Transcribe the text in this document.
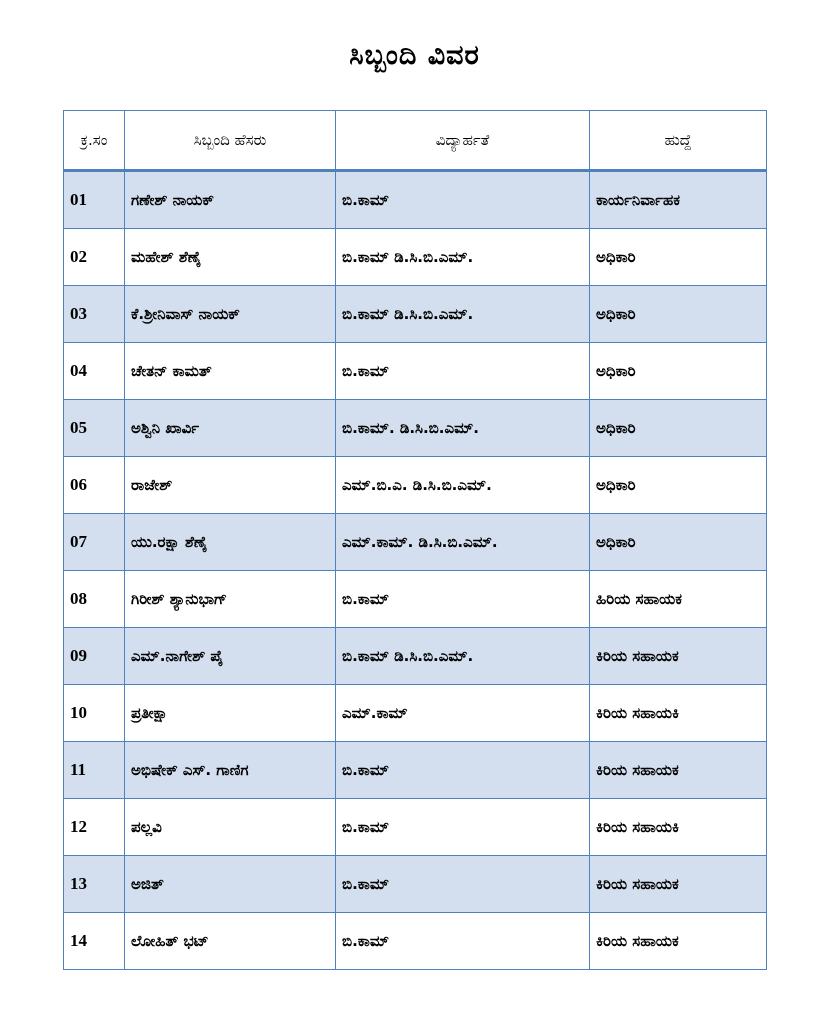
ಸಿಬ್ಬಂದಿ ವಿವರ
ಕ್ರ.ಸಂ	ಸಿಬ್ಬಂದಿ ಹೆಸರು	ವಿದ್ಯಾರ್ಹತೆ	ಹುದ್ದೆ
01	ಗಣೇಶ್ ನಾಯಕ್	ಬಿ.ಕಾಮ್	ಕಾರ್ಯನಿರ್ವಾಹಕ
02	ಮಹೇಶ್ ಶೆಣೈ	ಬಿ.ಕಾಮ್ ಡಿ.ಸಿ.ಬಿ.ಎಮ್.	ಅಧಿಕಾರಿ
03	ಕೆ.ಶ್ರೀನಿವಾಸ್ ನಾಯಕ್	ಬಿ.ಕಾಮ್ ಡಿ.ಸಿ.ಬಿ.ಎಮ್.	ಅಧಿಕಾರಿ
04	ಚೇತನ್ ಕಾಮತ್	ಬಿ.ಕಾಮ್	ಅಧಿಕಾರಿ
05	ಅಶ್ವಿನಿ ಖಾರ್ವಿ	ಬಿ.ಕಾಮ್. ಡಿ.ಸಿ.ಬಿ.ಎಮ್.	ಅಧಿಕಾರಿ
06	ರಾಜೇಶ್	ಎಮ್.ಬಿ.ಎ. ಡಿ.ಸಿ.ಬಿ.ಎಮ್.	ಅಧಿಕಾರಿ
07	ಯು.ರಕ್ಷಾ ಶೆಣೈ	ಎಮ್.ಕಾಮ್. ಡಿ.ಸಿ.ಬಿ.ಎಮ್.	ಅಧಿಕಾರಿ
08	ಗಿರೀಶ್ ಶ್ಯಾನುಭಾಗ್	ಬಿ.ಕಾಮ್	ಹಿರಿಯ ಸಹಾಯಕ
09	ಎಮ್.ನಾಗೇಶ್ ಪೈ	ಬಿ.ಕಾಮ್ ಡಿ.ಸಿ.ಬಿ.ಎಮ್.	ಕಿರಿಯ ಸಹಾಯಕ
10	ಪ್ರತೀಕ್ಷಾ	ಎಮ್.ಕಾಮ್	ಕಿರಿಯ ಸಹಾಯಕಿ
11	ಅಭಿಷೇಕ್ ಎಸ್. ಗಾಣಿಗ	ಬಿ.ಕಾಮ್	ಕಿರಿಯ ಸಹಾಯಕ
12	ಪಲ್ಲವಿ	ಬಿ.ಕಾಮ್	ಕಿರಿಯ ಸಹಾಯಕಿ
13	ಅಜಿತ್	ಬಿ.ಕಾಮ್	ಕಿರಿಯ ಸಹಾಯಕ
14	ಲೋಹಿತ್ ಭಟ್	ಬಿ.ಕಾಮ್	ಕಿರಿಯ ಸಹಾಯಕ
